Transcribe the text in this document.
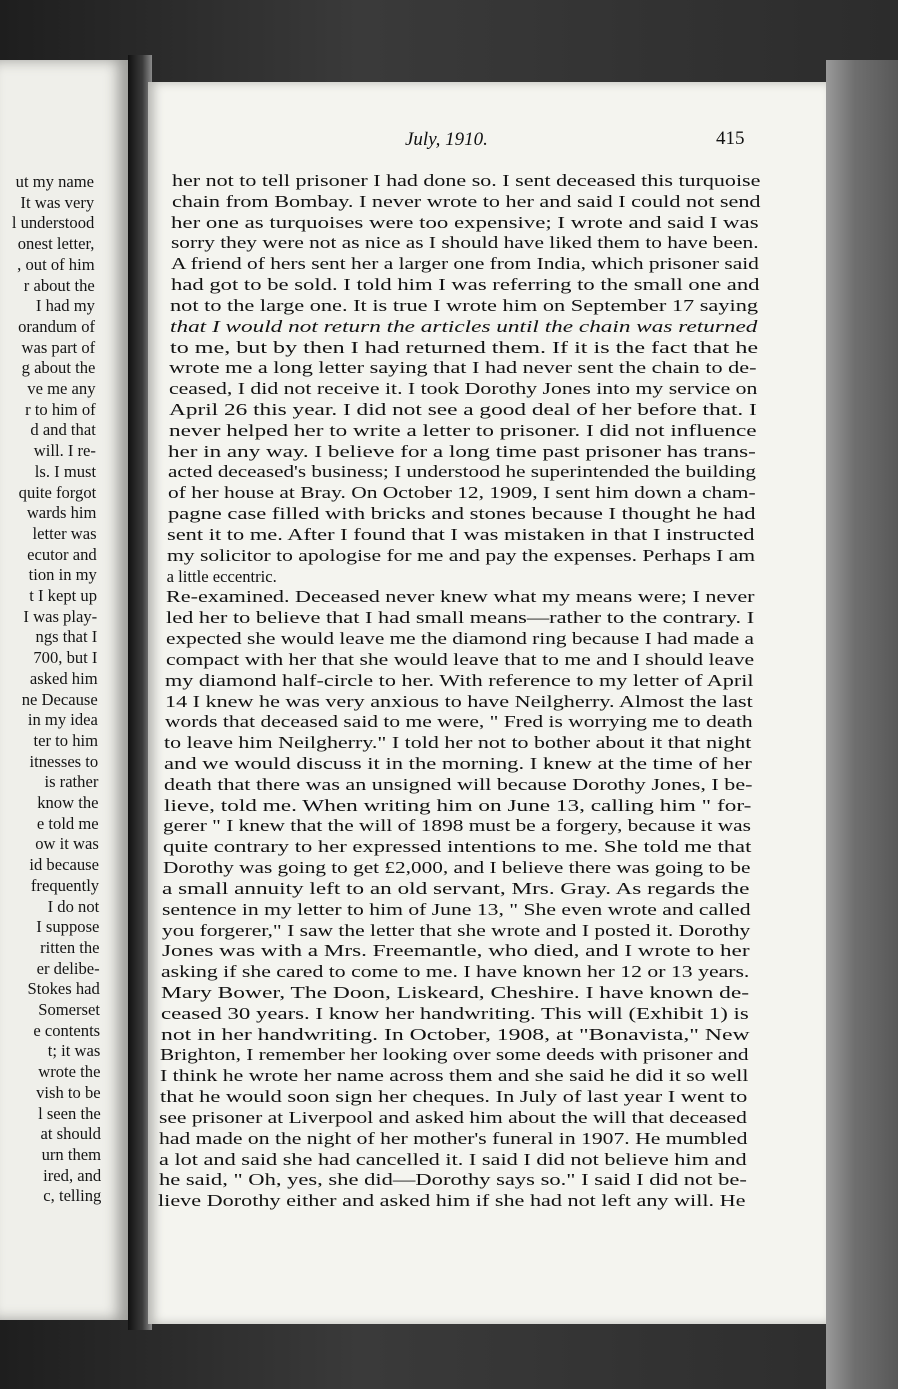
ut my name
It was very
l understood
onest letter,
, out of him
r about the
I had my
orandum of
was part of
g about the
ve me any
r to him of
d and that
will. I re-
ls. I must
quite forgot
wards him
letter was
ecutor and
tion in my
t I kept up
I was play-
ngs that I
700, but I
asked him
ne Decause
in my idea
ter to him
itnesses to
is rather
know the
e told me
ow it was
id because
frequently
I do not
I suppose
ritten the
er delibe-
Stokes had
Somerset
e contents
t; it was
wrote the
vish to be
l seen the
at should
urn them
ired, and
c, telling
July, 1910.	415
her not to tell prisoner I had done so. I sent deceased this turquoise
chain from Bombay. I never wrote to her and said I could not send
her one as turquoises were too expensive; I wrote and said I was
sorry they were not as nice as I should have liked them to have been.
A friend of hers sent her a larger one from India, which prisoner said
had got to be sold. I told him I was referring to the small one and
not to the large one. It is true I wrote him on September 17 saying
that I would not return the articles until the chain was returned
to me, but by then I had returned them. If it is the fact that he
wrote me a long letter saying that I had never sent the chain to de-
ceased, I did not receive it. I took Dorothy Jones into my service on
April 26 this year. I did not see a good deal of her before that. I
never helped her to write a letter to prisoner. I did not influence
her in any way. I believe for a long time past prisoner has trans-
acted deceased's business; I understood he superintended the building
of her house at Bray. On October 12, 1909, I sent him down a cham-
pagne case filled with bricks and stones because I thought he had
sent it to me. After I found that I was mistaken in that I instructed
my solicitor to apologise for me and pay the expenses. Perhaps I am
a little eccentric.
Re-examined. Deceased never knew what my means were; I never
led her to believe that I had small means—rather to the contrary. I
expected she would leave me the diamond ring because I had made a
compact with her that she would leave that to me and I should leave
my diamond half-circle to her. With reference to my letter of April
14 I knew he was very anxious to have Neilgherry. Almost the last
words that deceased said to me were, " Fred is worrying me to death
to leave him Neilgherry." I told her not to bother about it that night
and we would discuss it in the morning. I knew at the time of her
death that there was an unsigned will because Dorothy Jones, I be-
lieve, told me. When writing him on June 13, calling him " for-
gerer " I knew that the will of 1898 must be a forgery, because it was
quite contrary to her expressed intentions to me. She told me that
Dorothy was going to get £2,000, and I believe there was going to be
a small annuity left to an old servant, Mrs. Gray. As regards the
sentence in my letter to him of June 13, " She even wrote and called
you forgerer," I saw the letter that she wrote and I posted it. Dorothy
Jones was with a Mrs. Freemantle, who died, and I wrote to her
asking if she cared to come to me. I have known her 12 or 13 years.
Mary Bower, The Doon, Liskeard, Cheshire. I have known de-
ceased 30 years. I know her handwriting. This will (Exhibit 1) is
not in her handwriting. In October, 1908, at "Bonavista," New
Brighton, I remember her looking over some deeds with prisoner and
I think he wrote her name across them and she said he did it so well
that he would soon sign her cheques. In July of last year I went to
see prisoner at Liverpool and asked him about the will that deceased
had made on the night of her mother's funeral in 1907. He mumbled
a lot and said she had cancelled it. I said I did not believe him and
he said, " Oh, yes, she did—Dorothy says so." I said I did not be-
lieve Dorothy either and asked him if she had not left any will. He
